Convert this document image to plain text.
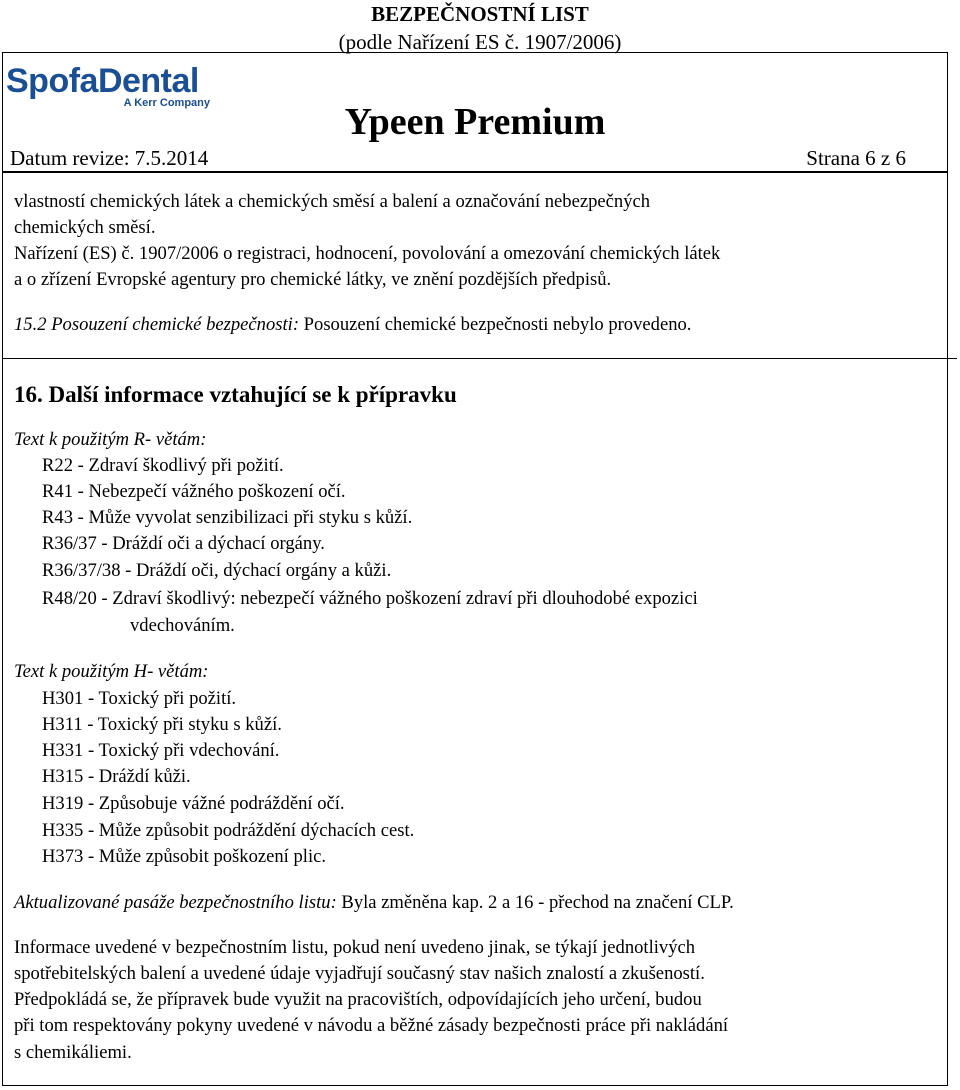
BEZPEČNOSTNÍ LIST
(podle Nařízení ES č. 1907/2006)
SpofaDental
A Kerr Company	Ypeen Premium
Datum revize: 7.5.2014	Strana 6 z 6
vlastností chemických látek a chemických směsí a balení a označování nebezpečných
chemických směsí.
Nařízení (ES) č. 1907/2006 o registraci, hodnocení, povolování a omezování chemických látek
a o zřízení Evropské agentury pro chemické látky, ve znění pozdějších předpisů.
15.2 Posouzení chemické bezpečnosti: Posouzení chemické bezpečnosti nebylo provedeno.
16. Další informace vztahující se k přípravku
Text k použitým R- větám:
R22 - Zdraví škodlivý při požití.
R41 - Nebezpečí vážného poškození očí.
R43 - Může vyvolat senzibilizaci při styku s kůží.
R36/37 - Dráždí oči a dýchací orgány.
R36/37/38 - Dráždí oči, dýchací orgány a kůži.
R48/20 - Zdraví škodlivý: nebezpečí vážného poškození zdraví při dlouhodobé expozici
vdechováním.
Text k použitým H- větám:
H301 - Toxický při požití.
H311 - Toxický při styku s kůží.
H331 - Toxický při vdechování.
H315 - Dráždí kůži.
H319 - Způsobuje vážné podráždění očí.
H335 - Může způsobit podráždění dýchacích cest.
H373 - Může způsobit poškození plic.
Aktualizované pasáže bezpečnostního listu: Byla změněna kap. 2 a 16 - přechod na značení CLP.
Informace uvedené v bezpečnostním listu, pokud není uvedeno jinak, se týkají jednotlivých
spotřebitelských balení a uvedené údaje vyjadřují současný stav našich znalostí a zkušeností.
Předpokládá se, že přípravek bude využit na pracovištích, odpovídajících jeho určení, budou
při tom respektovány pokyny uvedené v návodu a běžné zásady bezpečnosti práce při nakládání
s chemikáliemi.
